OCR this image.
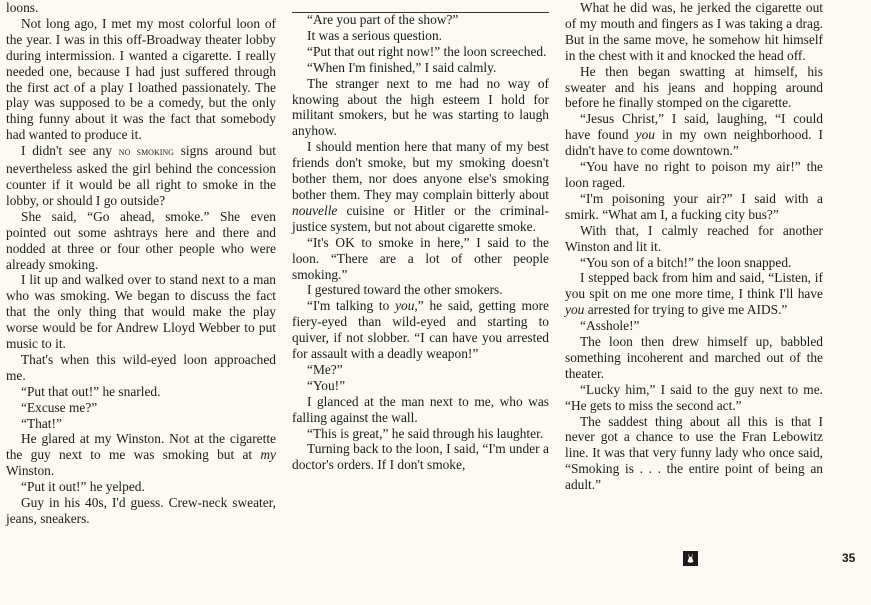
loons.

Not long ago, I met my most colorful loon of the year. I was in this off-Broadway theater lobby during intermission. I wanted a cigarette. I really needed one, because I had just suffered through the first act of a play I loathed passionately. The play was supposed to be a comedy, but the only thing funny about it was the fact that somebody had wanted to produce it.

I didn't see any no smoking signs around but nevertheless asked the girl behind the concession counter if it would be all right to smoke in the lobby, or should I go outside?

She said, “Go ahead, smoke.” She even pointed out some ashtrays here and there and nodded at three or four other people who were already smoking.

I lit up and walked over to stand next to a man who was smoking. We began to discuss the fact that the only thing that would make the play worse would be for Andrew Lloyd Webber to put music to it.

That's when this wild-eyed loon approached me.

“Put that out!” he snarled.

“Excuse me?”

“That!”

He glared at my Winston. Not at the cigarette the guy next to me was smoking but at my Winston.

“Put it out!” he yelped.

Guy in his 40s, I'd guess. Crew-neck sweater, jeans, sneakers.

“Are you part of the show?”

It was a serious question.

“Put that out right now!” the loon screeched.

“When I'm finished,” I said calmly.

The stranger next to me had no way of knowing about the high esteem I hold for militant smokers, but he was starting to laugh anyhow.

I should mention here that many of my best friends don't smoke, but my smoking doesn't bother them, nor does anyone else's smoking bother them. They may complain bitterly about nouvelle cuisine or Hitler or the criminal-justice system, but not about cigarette smoke.

“It's OK to smoke in here,” I said to the loon. “There are a lot of other people smoking.”

I gestured toward the other smokers.

“I'm talking to you,” he said, getting more fiery-eyed than wild-eyed and starting to quiver, if not slobber. “I can have you arrested for assault with a deadly weapon!”

“Me?”

“You!”

I glanced at the man next to me, who was falling against the wall.

“This is great,” he said through his laughter.

Turning back to the loon, I said, “I'm under a doctor's orders. If I don't smoke,

What he did was, he jerked the cigarette out of my mouth and fingers as I was taking a drag. But in the same move, he somehow hit himself in the chest with it and knocked the head off.

He then began swatting at himself, his sweater and his jeans and hopping around before he finally stomped on the cigarette.

“Jesus Christ,” I said, laughing, “I could have found you in my own neighborhood. I didn't have to come downtown.”

“You have no right to poison my air!” the loon raged.

“I'm poisoning your air?” I said with a smirk. “What am I, a fucking city bus?”

With that, I calmly reached for another Winston and lit it.

“You son of a bitch!” the loon snapped.

I stepped back from him and said, “Listen, if you spit on me one more time, I think I'll have you arrested for trying to give me AIDS.”

“Asshole!”

The loon then drew himself up, babbled something incoherent and marched out of the theater.

“Lucky him,” I said to the guy next to me. “He gets to miss the second act.”

The saddest thing about all this is that I never got a chance to use the Fran Lebowitz line. It was that very funny lady who once said, “Smoking is . . . the entire point of being an adult.”

35
